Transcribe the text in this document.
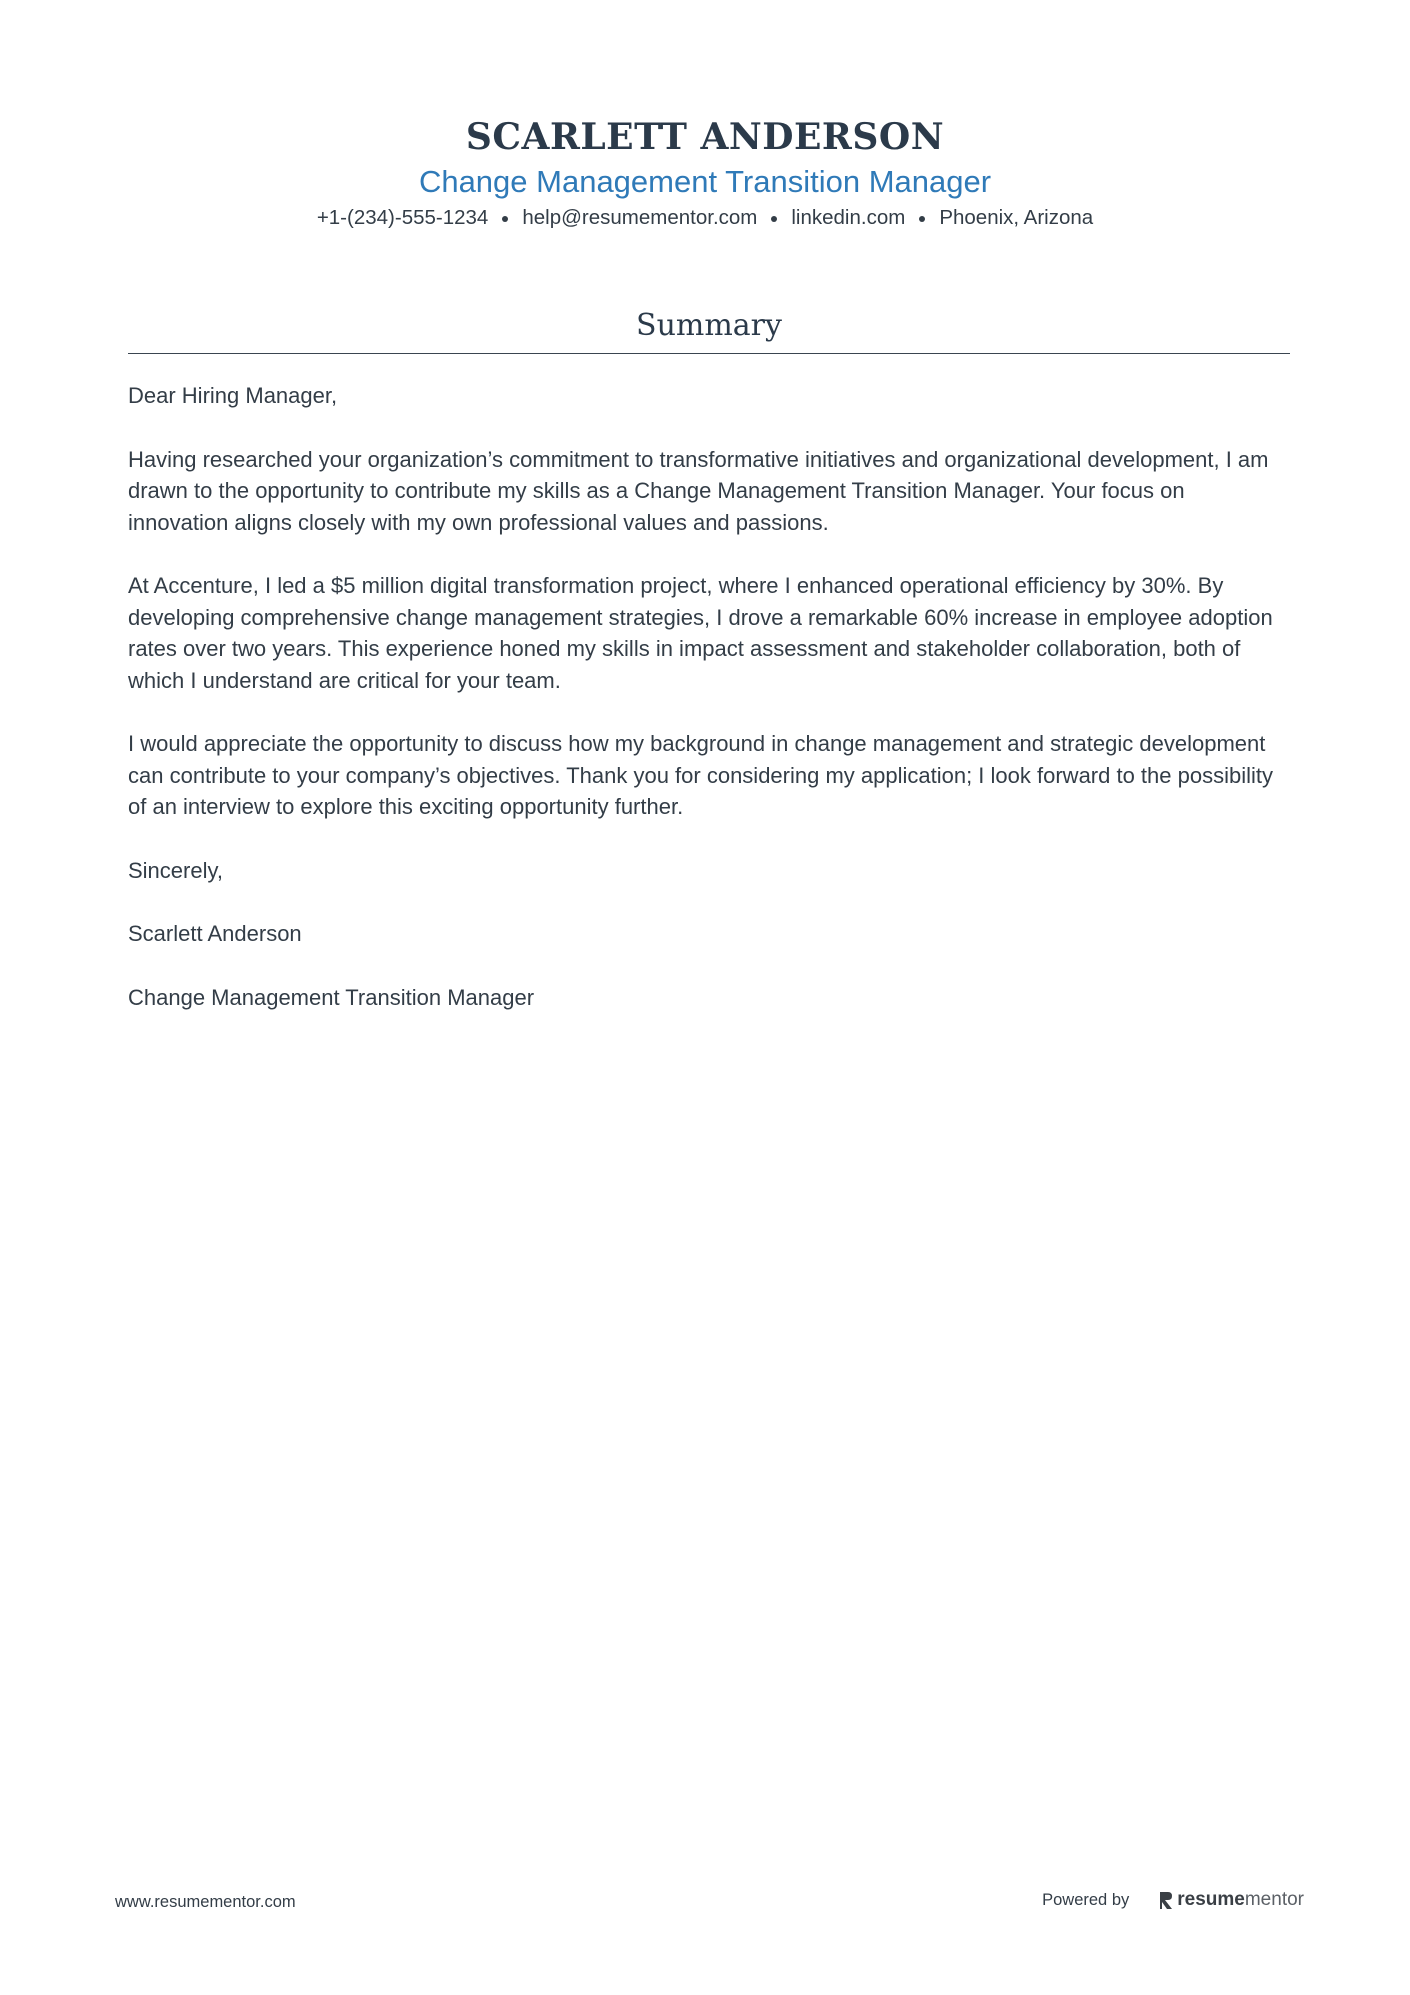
SCARLETT ANDERSON
Change Management Transition Manager
+1-(234)-555-1234 help@resumementor.com linkedin.com Phoenix, Arizona
Summary

Dear Hiring Manager,

Having researched your organization’s commitment to transformative initiatives and organizational development, I am drawn to the opportunity to contribute my skills as a Change Management Transition Manager. Your focus on innovation aligns closely with my own professional values and passions.

At Accenture, I led a $5 million digital transformation project, where I enhanced operational efficiency by 30%. By developing comprehensive change management strategies, I drove a remarkable 60% increase in employee adoption rates over two years. This experience honed my skills in impact assessment and stakeholder collaboration, both of which I understand are critical for your team.

I would appreciate the opportunity to discuss how my background in change management and strategic development can contribute to your company’s objectives. Thank you for considering my application; I look forward to the possibility of an interview to explore this exciting opportunity further.

Sincerely,

Scarlett Anderson

Change Management Transition Manager

www.resumementor.com	Powered by	resume mentor
